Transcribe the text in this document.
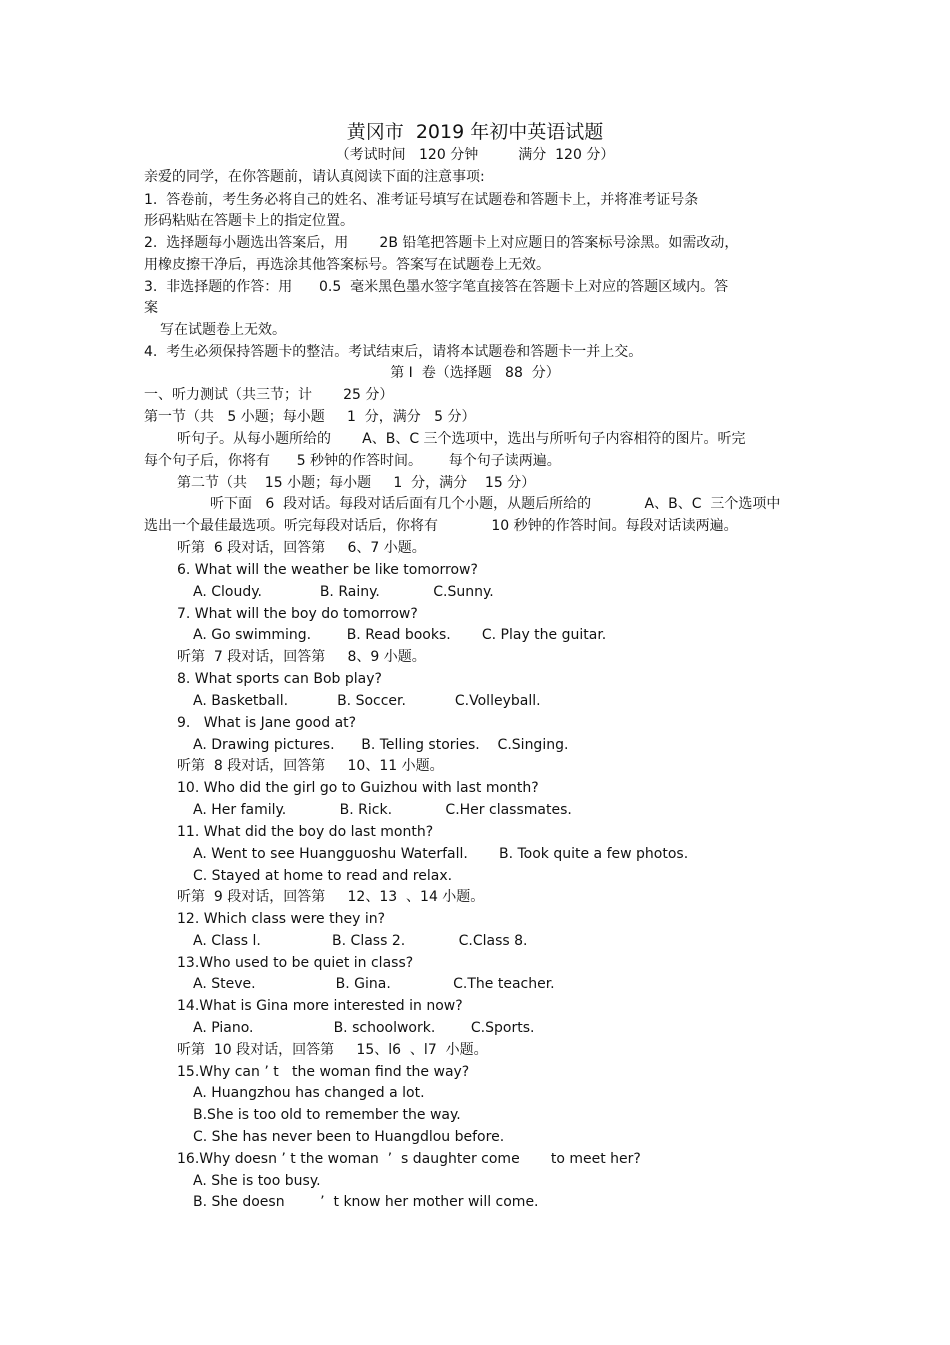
黄冈市  2019 年初中英语试题
（考试时间   120 分钟         满分  120 分）
亲爱的同学，在你答题前，请认真阅读下面的注意事项:
1.  答卷前，考生务必将自己的姓名、准考证号填写在试题卷和答题卡上，并将准考证号条
形码粘贴在答题卡上的指定位置。
2.  选择题每小题选出答案后，用       2B 铅笔把答题卡上对应题日的答案标号涂黑。如需改动，
用橡皮擦干净后，再选涂其他答案标号。答案写在试题卷上无效。
3.  非选择题的作答：用      0.5  毫米黑色墨水签字笔直接答在答题卡上对应的答题区域内。答
案
写在试题卷上无效。
4.  考生必须保持答题卡的整洁。考试结束后，请将本试题卷和答题卡一并上交。
第 I  卷（选择题   88  分）
一、听力测试（共三节；计       25 分）
第一节（共   5 小题；每小题     1  分，满分   5 分）
听句子。从每小题所给的       A、B、C 三个选项中，选出与所听句子内容相符的图片。听完
每个句子后，你将有      5 秒钟的作答时间。      每个句子读两遍。
第二节（共    15 小题；每小题     1  分，满分    15 分）
听下面   6  段对话。每段对话后面有几个小题，从题后所给的            A、B、C  三个选项中
选出一个最佳最选项。听完每段对话后，你将有            10 秒钟的作答时间。每段对话读两遍。
听第  6 段对话，回答第     6、7 小题。
6. What will the weather be like tomorrow?
A. Cloudy.             B. Rainy.            C.Sunny.
7. What will the boy do tomorrow?
A. Go swimming.        B. Read books.       C. Play the guitar.
听第  7 段对话，回答第     8、9 小题。
8. What sports can Bob play?
A. Basketball.           B. Soccer.           C.Volleyball.
9.   What is Jane good at?
A. Drawing pictures.      B. Telling stories.    C.Singing.
听第  8 段对话，回答第     10、11 小题。
10. Who did the girl go to Guizhou with last month?
A. Her family.            B. Rick.            C.Her classmates.
11. What did the boy do last month?
A. Went to see Huangguoshu Waterfall.       B. Took quite a few photos.
C. Stayed at home to read and relax.
听第  9 段对话，回答第     12、13  、14 小题。
12. Which class were they in?
A. Class l.                B. Class 2.            C.Class 8.
13.Who used to be quiet in class?
A. Steve.                  B. Gina.              C.The teacher.
14.What is Gina more interested in now?
A. Piano.                  B. schoolwork.        C.Sports.
听第  10 段对话，回答第     15、l6  、l7  小题。
15.Why can ’ t   the woman find the way?
A. Huangzhou has changed a lot.
B.She is too old to remember the way.
C. She has never been to Huangdlou before.
16.Why doesn ’ t the woman  ’  s daughter come       to meet her?
A. She is too busy.
B. She doesn        ’  t know her mother will come.
